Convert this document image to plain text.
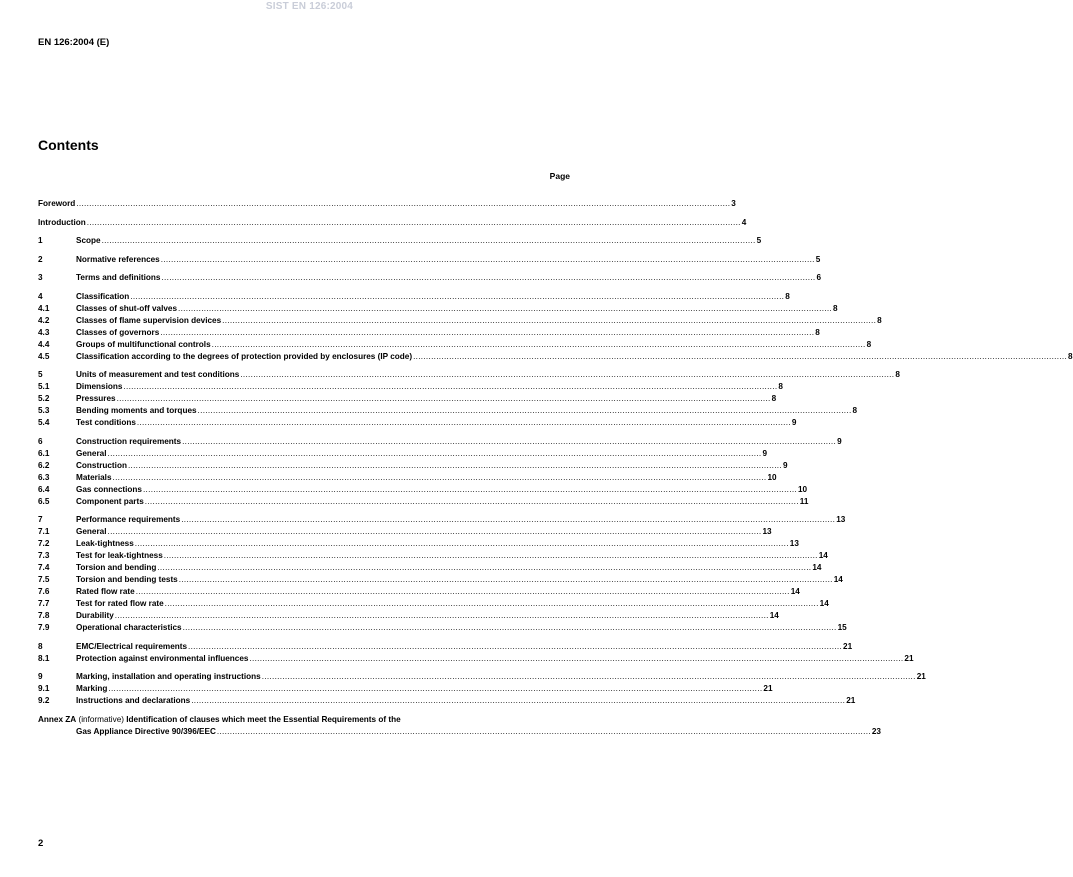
SIST EN 126:2004
EN 126:2004 (E)
Contents
Page
Foreword .....	3
Introduction .....	4
1	Scope .....	5
2	Normative references .....	5
3	Terms and definitions .....	6
4	Classification .....	8
4.1	Classes of shut-off valves .....	8
4.2	Classes of flame supervision devices .....	8
4.3	Classes of governors .....	8
4.4	Groups of multifunctional controls .....	8
4.5	Classification according to the degrees of protection provided by enclosures (IP code) .....	8
5	Units of measurement and test conditions .....	8
5.1	Dimensions .....	8
5.2	Pressures .....	8
5.3	Bending moments and torques .....	8
5.4	Test conditions .....	9
6	Construction requirements .....	9
6.1	General .....	9
6.2	Construction .....	9
6.3	Materials .....	10
6.4	Gas connections .....	10
6.5	Component parts .....	11
7	Performance requirements .....	13
7.1	General .....	13
7.2	Leak-tightness .....	13
7.3	Test for leak-tightness .....	14
7.4	Torsion and bending .....	14
7.5	Torsion and bending tests .....	14
7.6	Rated flow rate .....	14
7.7	Test for rated flow rate .....	14
7.8	Durability .....	14
7.9	Operational characteristics .....	15
8	EMC/Electrical requirements .....	21
8.1	Protection against environmental influences .....	21
9	Marking, installation and operating instructions .....	21
9.1	Marking .....	21
9.2	Instructions and declarations .....	21
Annex ZA (informative) Identification of clauses which meet the Essential Requirements of the
Gas Appliance Directive 90/396/EEC .....	23
2
